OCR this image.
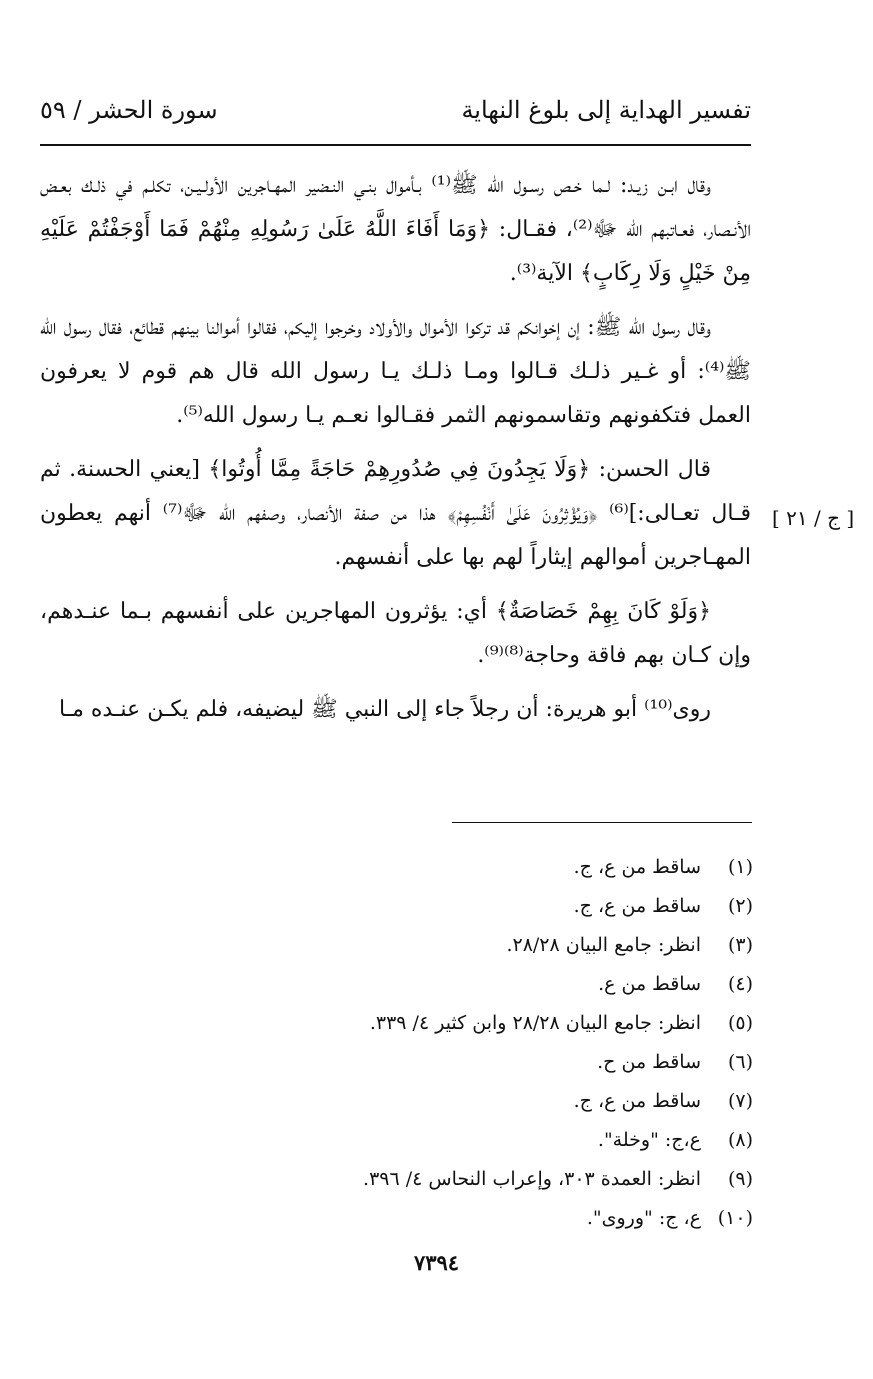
تفسير الهداية إلى بلوغ النهاية
سورة الحشر / ٥٩
[ ج / ٢١ ]

وقال ابـن زيـد: لـما خـص رسـول الله ﷺ⁽¹⁾ بـأموال بنـي النـضير المهـاجرين الأولـيـن، تكلـم في ذلـك بعـض الأنـصار، فعـاتبهم الله ﷻ⁽²⁾، فقـال: ﴿وَمَا أَفَاءَ اللَّهُ عَلَىٰ رَسُولِهِ مِنْهُمْ فَمَا أَوْجَفْتُمْ عَلَيْهِ مِنْ خَيْلٍ وَلَا رِكَابٍ﴾ الآية⁽³⁾.

وقال رسول الله ﷺ: إن إخوانكم قد تركوا الأموال والأولاد وخرجوا إليكم، فقالوا أموالنا بينهم قطائع، فقال رسول الله ﷺ⁽⁴⁾: أو غـير ذلـك قـالوا ومـا ذلـك يـا رسول الله قال هم قوم لا يعرفون العمل فتكفونهم وتقاسمونهم الثمر فقـالوا نعـم يـا رسول الله⁽⁵⁾.

قال الحسن: ﴿وَلَا يَجِدُونَ فِي صُدُورِهِمْ حَاجَةً مِمَّا أُوتُوا﴾ [يعني الحسنة. ثم قـال تعـالى:]⁽⁶⁾ ﴿وَيُؤْثِرُونَ عَلَىٰ أَنْفُسِهِمْ﴾ هذا من صفة الأنصار، وصفهم الله ﷻ⁽⁷⁾ أنهم يعطون المهـاجرين أموالهم إيثاراً لهم بها على أنفسهم.

﴿وَلَوْ كَانَ بِهِمْ خَصَاصَةٌ﴾ أي: يؤثرون المهاجرين على أنفسهم بـما عنـدهم، وإن كـان بهم فاقة وحاجة⁽⁸⁾⁽⁹⁾.

روى⁽¹⁰⁾ أبو هريرة: أن رجلاً جاء إلى النبي ﷺ ليضيفه، فلم يكـن عنـده مـا

(١)ساقط من ع، ج.
(٢)ساقط من ع، ج.
(٣)انظر: جامع البيان ٢٨/٢٨.
(٤)ساقط من ع.
(٥)انظر: جامع البيان ٢٨/٢٨ وابن كثير ٤/ ٣٣٩.
(٦)ساقط من ح.
(٧)ساقط من ع، ج.
(٨)ع،ج: "وخلة".
(٩)انظر: العمدة ٣٠٣، وإعراب النحاس ٤/ ٣٩٦.
(١٠)ع، ج: "وروى".
٧٣٩٤
